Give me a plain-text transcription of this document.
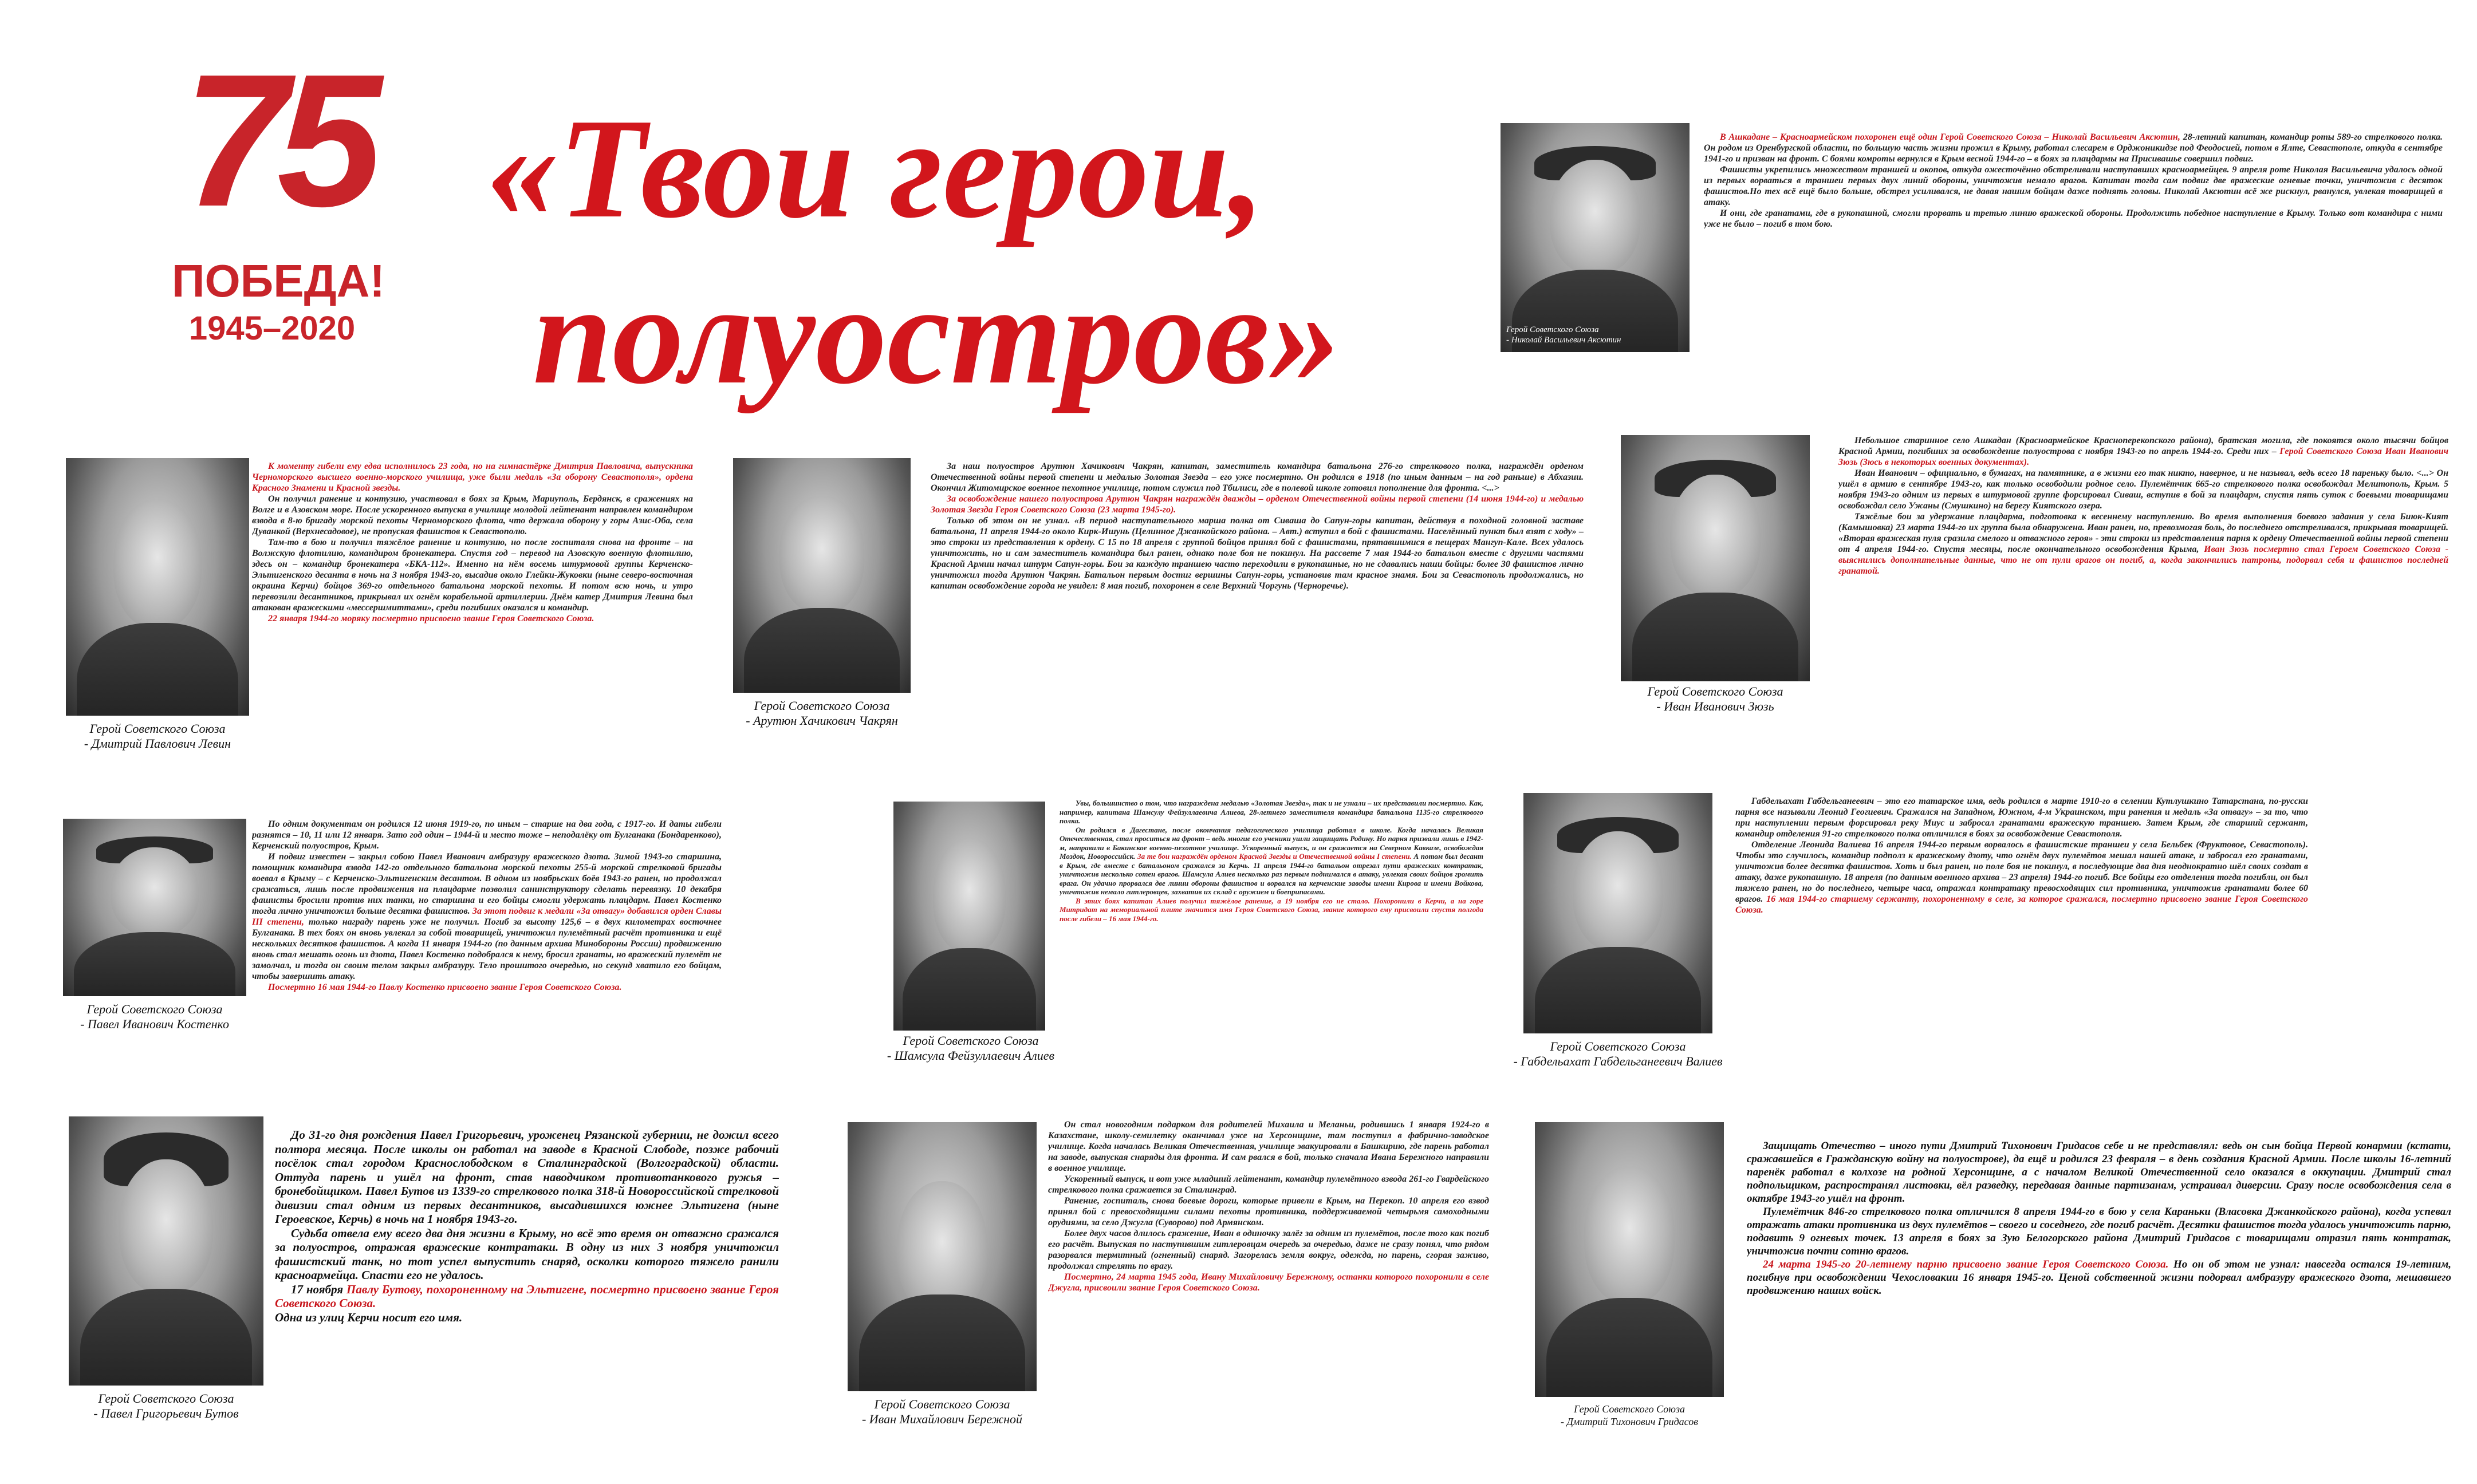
75
ПОБЕДА!
1945–2020
«Твои герои,
полуостров»	Герой Советского Союза
- Николай Васильевич Аксютин

В Ашкадане – Красноармейском похоронен ещё один Герой Советского Союза – Николай Васильевич Аксютин, 28-летний капитан, командир роты 589-го стрелкового полка. Он родом из Оренбургской области, по большую часть жизни прожил в Крыму, работал слесарем в Орджоникидзе под Феодосией, потом в Ялте, Севастополе, откуда в сентябре 1941-го и призван на фронт. С боями комроты вернулся в Крым весной 1944-го – в боях за плацдармы на Присивашье совершил подвиг.

Фашисты укрепились множеством траншей и окопов, откуда ожесточённо обстреливали наступавших красноармейцев. 9 апреля роте Николая Васильевича удалось одной из первых ворваться в траншеи первых двух линий обороны, уничтожив немало врагов. Капитан тогда сам подвиг две вражеские огневые точки, уничтожив с десяток фашистов.Но тех всё ещё было больше, обстрел усиливался, не давая нашим бойцам даже поднять головы. Николай Аксютин всё же рискнул, рванулся, увлекая товарищей в атаку.

И они, где гранатами, где в рукопашной, смогли прорвать и третью линию вражеской обороны. Продолжить победное наступление в Крыму. Только вот командира с ними уже не было – погиб в том бою.

Герой Советского Союза
- Дмитрий Павлович Левин

К моменту гибели ему едва исполнилось 23 года, но на гимнастёрке Дмитрия Павловича, выпускника Черноморского высшего военно-морского училища, уже были медаль «За оборону Севастополя», ордена Красного Знамени и Красной звезды.

Он получил ранение и контузию, участвовал в боях за Крым, Мариуполь, Бердянск, в сражениях на Волге и в Азовском море. После ускоренного выпуска в училище молодой лейтенант направлен командиром взвода в 8-ю бригаду морской пехоты Черноморского флота, что держала оборону у горы Азис-Оба, села Дуванкой (Верхнесадовое), не пропуская фашистов к Севастополю.

Там-то в бою и получил тяжёлое ранение и контузию, но после госпиталя снова на фронте – на Волжскую флотилию, командиром бронекатера. Спустя год – перевод на Азовскую военную флотилию, здесь он – командир бронекатера «БКА-112». Именно на нём восемь штурмовой группы Керченско-Эльтигенского десанта в ночь на 3 ноября 1943-го, высадив около Глейки-Жуковки (ныне северо-восточная окраина Керчи) бойцов 369-го отдельного батальона морской пехоты. И потом всю ночь, и утро перевозили десантников, прикрывал их огнём корабельной артиллерии. Днём катер Дмитрия Левина был атакован вражескими «мессершмиттами», среди погибших оказался и командир.

22 января 1944-го моряку посмертно присвоено звание Героя Советского Союза.

Герой Советского Союза
- Арутюн Хачикович Чакрян

За наш полуостров Арутюн Хачикович Чакрян, капитан, заместитель командира батальона 276-го стрелкового полка, награждён орденом Отечественной войны первой степени и медалью Золотая Звезда – его уже посмертно. Он родился в 1918 (по иным данным – на год раньше) в Абхазии. Окончил Житомирское военное пехотное училище, потом служил под Тбилиси, где в полевой школе готовил пополнение для фронта. <...>

За освобождение нашего полуострова Арутюн Чакрян награждён дважды – орденом Отечественной войны первой степени (14 июня 1944-го) и медалью Золотая Звезда Героя Советского Союза (23 марта 1945-го).

Только об этом он не узнал. «В период наступательного марша полка от Сиваша до Сапун-горы капитан, действуя в походной головной заставе батальона, 11 апреля 1944-го около Кирк-Ишунь (Целинное Джанкойского района. – Авт.) вступил в бой с фашистами. Населённый пункт был взят с ходу» – это строки из представления к ордену. С 15 по 18 апреля с группой бойцов принял бой с фашистами, прятавшимися в пещерах Мангуп-Кале. Всех удалось уничтожить, но и сам заместитель командира был ранен, однако поле боя не покинул. На рассвете 7 мая 1944-го батальон вместе с другими частями Красной Армии начал штурм Сапун-горы. Бои за каждую траншею часто переходили в рукопашные, но не сдавались наши бойцы: более 30 фашистов лично уничтожил тогда Арутюн Чакрян. Батальон первым достиг вершины Сапун-горы, установив там красное знамя. Бои за Севастополь продолжались, но капитан освобождение города не увидел: 8 мая погиб, похоронен в селе Верхний Чоргунь (Черноречье).

Герой Советского Союза
- Иван Иванович Зюзь

Небольшое старинное село Ашкадан (Красноармейское Красноперекопского района), братская могила, где покоятся около тысячи бойцов Красной Армии, погибших за освобождение полуострова с ноября 1943-го по апрель 1944-го. Среди них – Герой Советского Союза Иван Иванович Зюзь (Зюсь в некоторых военных документах).

Иван Иванович – официально, в бумагах, на памятнике, а в жизни его так никто, наверное, и не называл, ведь всего 18 пареньку было. <...> Он ушёл в армию в сентябре 1943-го, как только освободили родное село. Пулемётчик 665-го стрелкового полка освобождал Мелитополь, Крым. 5 ноября 1943-го одним из первых в штурмовой группе форсировал Сиваш, вступив в бой за плацдарм, спустя пять суток с боевыми товарищами освобождал село Ужаны (Смушкино) на берегу Киятского озера.

Тяжёлые бои за удержание плацдарма, подготовка к весеннему наступлению. Во время выполнения боевого задания у села Биюк-Кият (Камышовка) 23 марта 1944-го их группа была обнаружена. Иван ранен, но, превозмогая боль, до последнего отстреливался, прикрывая товарищей. «Вторая вражеская пуля сразила смелого и отважного героя» - эти строки из представления парня к ордену Отечественной войны первой степени от 4 апреля 1944-го. Спустя месяцы, после окончательного освобождения Крыма, Иван Зюзь посмертно стал Героем Советского Союза - выяснились дополнительные данные, что не от пули врагов он погиб, а, когда закончились патроны, подорвал себя и фашистов последней гранатой.

Герой Советского Союза
- Павел Иванович Костенко

По одним документам он родился 12 июня 1919-го, по иным – старше на два года, с 1917-го. И даты гибели разнятся – 10, 11 или 12 января. Зато год один – 1944-й и место тоже – неподалёку от Булганака (Бондаренково), Керченский полуостров, Крым.

И подвиг известен – закрыл собою Павел Иванович амбразуру вражеского дзота. Зимой 1943-го старшина, помощник командира взвода 142-го отдельного батальона морской пехоты 255-й морской стрелковой бригады воевал в Крыму – с Керченско-Эльтигенским десантом. В одном из ноябрьских боёв 1943-го ранен, но продолжал сражаться, лишь после продвижения на плацдарме позволил санинструктору сделать перевязку. 10 декабря фашисты бросили против них танки, но старшина и его бойцы смогли удержать плацдарм. Павел Костенко тогда лично уничтожил больше десятка фашистов. За этот подвиг к медали «За отвагу» добавился орден Славы III степени, только награду парень уже не получил. Погиб за высоту 125,6 – в двух километрах восточнее Булганака. В тех боях он вновь увлекал за собой товарищей, уничтожил пулемётный расчёт противника и ещё нескольких десятков фашистов. А когда 11 января 1944-го (по данным архива Минобороны России) продвижению вновь стал мешать огонь из дзота, Павел Костенко подобрался к нему, бросил гранаты, но вражеский пулемёт не замолчал, и тогда он своим телом закрыл амбразуру. Тело прошитого очередью, но секунд хватило его бойцам, чтобы завершить атаку.

Посмертно 16 мая 1944-го Павлу Костенко присвоено звание Героя Советского Союза.

Герой Советского Союза
- Шамсула Фейзуллаевич Алиев

Увы, большинство о том, что награждена медалью «Золотая Звезда», так и не узнали – их представили посмертно. Как, например, капитана Шамсулу Фейзуллаевича Алиева, 28-летнего заместителя командира батальона 1135-го стрелкового полка.

Он родился в Дагестане, после окончания педагогического училища работал в школе. Когда началась Великая Отечественная, стал проситься на фронт – ведь многие его ученики ушли защищать Родину. Но парня призвали лишь в 1942-м, направили в Бакинское военно-пехотное училище. Ускоренный выпуск, и он сражается на Северном Кавказе, освобождая Моздок, Новороссийск. За те бои награждён орденом Красной Звезды и Отечественной войны I степени. А потом был десант в Крым, где вместе с батальоном сражался за Керчь. 11 апреля 1944-го батальон отрезал пути вражеских контратак, уничтожив несколько сотен врагов. Шамсула Алиев несколько раз первым поднимался в атаку, увлекая своих бойцов громить врага. Он удачно прорвался две линии обороны фашистов и ворвался на керченские заводы имени Кирова и имени Войкова, уничтожив немало гитлеровцев, захватив их склад с оружием и боеприпасами.

В этих боях капитан Алиев получил тяжёлое ранение, а 19 ноября его не стало. Похоронили в Керчи, а на горе Митридат на мемориальной плите значится имя Героя Советского Союза, звание которого ему присвоили спустя полгода после гибели – 16 мая 1944-го.

Герой Советского Союза
- Габдельахат Габдельганеевич Валиев

Габдельахат Габдельганеевич – это его татарское имя, ведь родился в марте 1910-го в селении Кутлушкино Татарстана, по-русски парня все называли Леонид Геогиевич. Сражался на Западном, Южном, 4-м Украинском, три ранения и медаль «За отвагу» – за то, что при наступлении первым форсировал реку Миус и забросал гранатами вражескую траншею. Затем Крым, где старший сержант, командир отделения 91-го стрелкового полка отличился в боях за освобождение Севастополя.

Отделение Леонида Валиева 16 апреля 1944-го первым ворвалось в фашистские траншеи у села Бельбек (Фруктовое, Севастополь). Чтобы это случилось, командир подполз к вражескому дзоту, что огнём двух пулемётов мешал нашей атаке, и забросал его гранатами, уничтожив более десятка фашистов. Хоть и был ранен, но поле боя не покинул, в последующие два дня неоднократно шёл своих создат в атаку, даже рукопашную. 18 апреля (по данным военного архива – 23 апреля) 1944-го погиб. Все бойцы его отделения тогда погибли, он был тяжело ранен, но до последнего, четыре часа, отражал контратаку превосходящих сил противника, уничтожив гранатами более 60 врагов. 16 мая 1944-го старшему сержанту, похороненному в селе, за которое сражался, посмертно присвоено звание Героя Советского Союза.

Герой Советского Союза
- Павел Григорьевич Бутов

До 31-го дня рождения Павел Григорьевич, уроженец Рязанской губернии, не дожил всего полтора месяца. После школы он работал на заводе в Красной Слободе, позже рабочий посёлок стал городом Краснослободском в Сталинградской (Волгоградской) области. Оттуда парень и ушёл на фронт, став наводчиком противотанкового ружья – бронебойщиком. Павел Бутов из 1339-го стрелкового полка 318-й Новороссийской стрелковой дивизии стал одним из первых десантников, высадившихся южнее Эльтигена (ныне Героевское, Керчь) в ночь на 1 ноября 1943-го.

Судьба отвела ему всего два дня жизни в Крыму, но всё это время он отважно сражался за полуостров, отражая вражеские контратаки. В одну из них 3 ноября уничтожил фашистский танк, но тот успел выпустить снаряд, осколки которого тяжело ранили красноармейца. Спасти его не удалось.

17 ноября Павлу Бутову, похороненному на Эльтигене, посмертно присвоено звание Героя Советского Союза.

Одна из улиц Керчи носит его имя.

Герой Советского Союза
- Иван Михайлович Бережной

Он стал новогодним подарком для родителей Михаила и Меланьи, родившись 1 января 1924-го в Казахстане, школу-семилетку оканчивал уже на Херсонщине, там поступил в фабрично-заводское училище. Когда началась Великая Отечественная, училище эвакуировали в Башкирию, где парень работал на заводе, выпуская снаряды для фронта. И сам рвался в бой, только сначала Ивана Бережного направили в военное училище.

Ускоренный выпуск, и вот уже младший лейтенант, командир пулемётного взвода 261-го Гвардейского стрелкового полка сражается за Сталинград.

Ранение, госпиталь, снова боевые дороги, которые привели в Крым, на Перекоп. 10 апреля его взвод принял бой с превосходящими силами пехоты противника, поддерживаемой четырьмя самоходными орудиями, за село Джугла (Суворово) под Армянском.

Более двух часов длилось сражение, Иван в одиночку залёг за одним из пулемётов, после того как погиб его расчёт. Выпуская по наступившим гитлеровцам очередь за очередью, даже не сразу понял, что рядом разорвался термитный (огненный) снаряд. Загорелась земля вокруг, одежда, но парень, сгорая заживо, продолжал стрелять по врагу.

Посмертно, 24 марта 1945 года, Ивану Михайловичу Бережному, останки которого похоронили в селе Джугла, присвоили звание Героя Советского Союза.

Герой Советского Союза
- Дмитрий Тихонович Гридасов

Защищать Отечество – иного пути Дмитрий Тихонович Гридасов себе и не представлял: ведь он сын бойца Первой конармии (кстати, сражавшейся в Гражданскую войну на полуострове), да ещё и родился 23 февраля – в день создания Красной Армии. После школы 16-летний паренёк работал в колхозе на родной Херсонщине, а с началом Великой Отечественной село оказался в оккупации. Дмитрий стал подпольщиком, распространял листовки, вёл разведку, передавая данные партизанам, устраивал диверсии. Сразу после освобождения села в октябре 1943-го ушёл на фронт.

Пулемётчик 846-го стрелкового полка отличился 8 апреля 1944-го в бою у села Караньки (Власовка Джанкойского района), когда успевал отражать атаки противника из двух пулемётов – своего и соседнего, где погиб расчёт. Десятки фашистов тогда удалось уничтожить парню, подавить 9 огневых точек. 13 апреля в боях за Зую Белогорского района Дмитрий Гридасов с товарищами отразил пять контратак, уничтожив почти сотню врагов.

24 марта 1945-го 20-летнему парню присвоено звание Героя Советского Союза. Но он об этом не узнал: навсегда остался 19-летним, погибнув при освобождении Чехословакии 16 января 1945-го. Ценой собственной жизни подорвал амбразуру вражеского дзота, мешавшего продвижению наших войск.
